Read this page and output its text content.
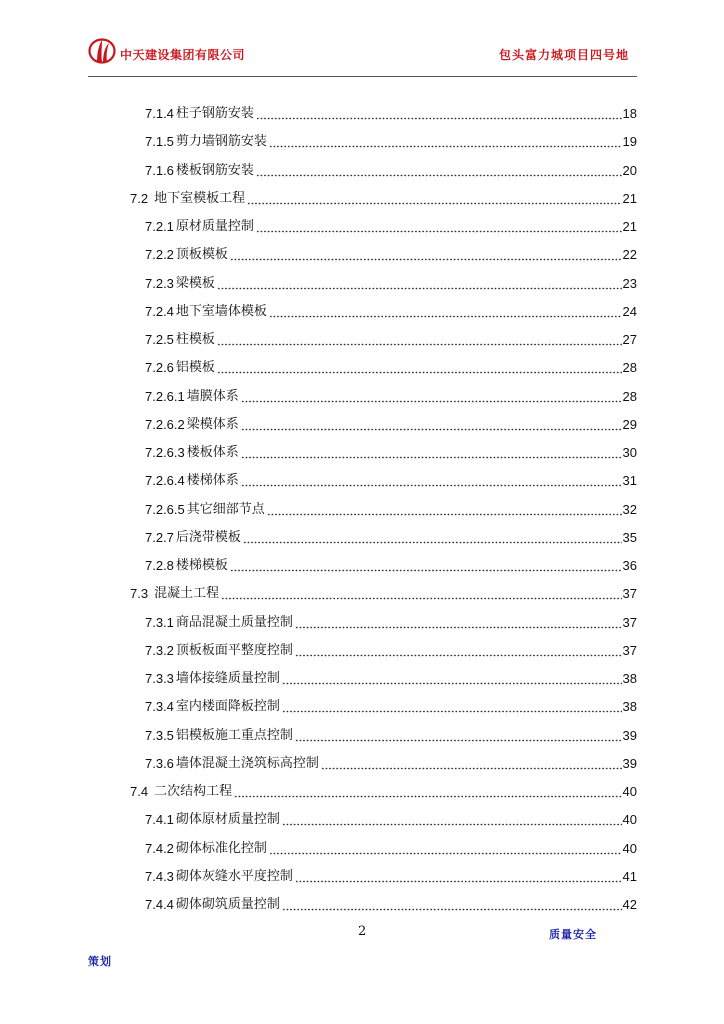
中天建设集团有限公司	包头富力城项目四号地
7.1.4 柱子钢筋安装	18
7.1.5 剪力墙钢筋安装	19
7.1.6 楼板钢筋安装	20
7.2 地下室模板工程	21
7.2.1 原材质量控制	21
7.2.2 顶板模板	22
7.2.3 梁模板	23
7.2.4 地下室墙体模板	24
7.2.5 柱模板	27
7.2.6 铝模板	28
7.2.6.1 墙膜体系	28
7.2.6.2 梁模体系	29
7.2.6.3 楼板体系	30
7.2.6.4 楼梯体系	31
7.2.6.5 其它细部节点	32
7.2.7 后浇带模板	35
7.2.8 楼梯模板	36
7.3 混凝土工程	37
7.3.1 商品混凝土质量控制	37
7.3.2 顶板板面平整度控制	37
7.3.3 墙体接缝质量控制	38
7.3.4 室内楼面降板控制	38
7.3.5 铝模板施工重点控制	39
7.3.6 墙体混凝土浇筑标高控制	39
7.4 二次结构工程	40
7.4.1 砌体原材质量控制	40
7.4.2 砌体标准化控制	40
7.4.3 砌体灰缝水平度控制	41
7.4.4 砌体砌筑质量控制	42
2	质量安全
策划
